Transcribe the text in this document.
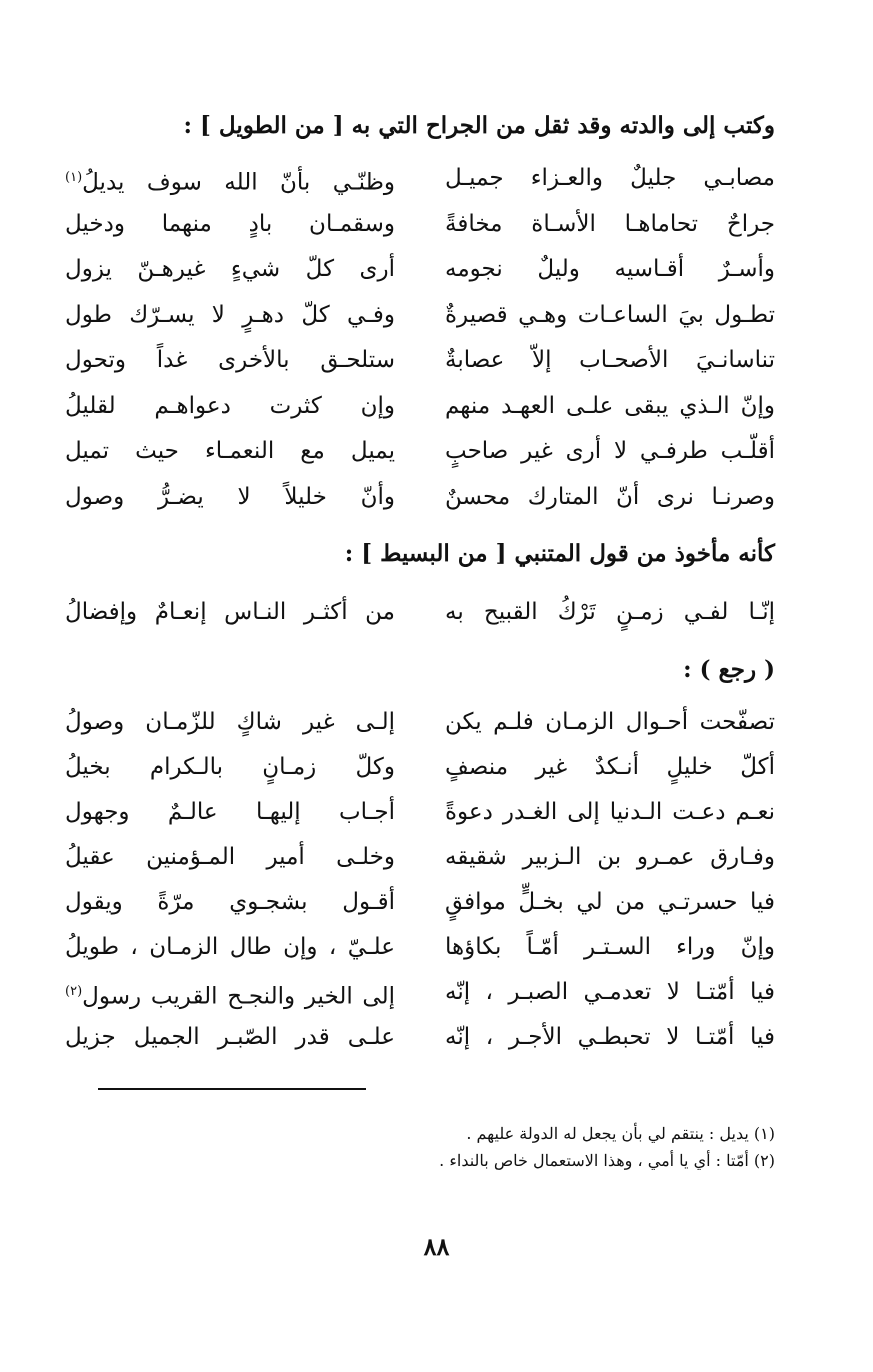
وكتب إلى والدته وقد ثقل من الجراح التي به [ من الطويل ] :
مصابـي جليلٌ والعـزاء جميـل
وظنّـي بأنّ الله سوف يديلُ$^{(١)}$
جراحٌ تحاماهـا الأسـاة مخافةً
وسقمـان بادٍ منهما ودخيل
وأسـرٌ أقـاسيه وليلٌ نجومه
أرى كلّ شيءٍ غيرهـنّ يزول
تطـول بيَ الساعـات وهـي قصيرةٌ
وفـي كلّ دهـرٍ لا يسـرّك طول
تناسانـيَ الأصحـاب إلاّ عصابةٌ
ستلحـق بالأخرى غداً وتحول
وإنّ الـذي يبقى علـى العهـد منهم
وإن كثرت دعواهـم لقليلُ
أقلّـب طرفـي لا أرى غير صاحبٍ
يميل مع النعمـاء حيث تميل
وصرنـا نرى أنّ المتارك محسنٌ
وأنّ خليلاً لا يضـرُّ وصول
كأنه مأخوذ من قول المتنبي [ من البسيط ] :
إنّـا لفـي زمـنٍ تَرْكُ القبيح به
من أكثـر النـاس إنعـامٌ وإفضالُ
( رجع ) :
تصفّحت أحـوال الزمـان فلـم يكن
إلـى غير شاكٍ للزّمـان وصولُ
أكلّ خليلٍ أنـكدٌ غير منصفٍ
وكلّ زمـانٍ بالـكرام بخيلُ
نعـم دعـت الـدنيا إلى الغـدر دعوةً
أجـاب إليهـا عالـمٌ وجهول
وفـارق عمـرو بن الـزبير شقيقه
وخلـى أمير المـؤمنين عقيلُ
فيا حسرتـي من لي بخـلٍّ موافقٍ
أقـول بشجـوي مرّةً ويقول
وإنّ وراء السـتـر أمّـاً بكاؤها
علـيّ ، وإن طال الزمـان ، طويلُ
فيا أمّتـا لا تعدمـي الصبـر ، إنّه
إلى الخير والنجـح القريب رسول$^{(٢)}$
فيا أمّتـا لا تحبطـي الأجـر ، إنّه
علـى قدر الصّبـر الجميل جزيل
(١) يديل : ينتقم لي بأن يجعل له الدولة عليهم .
(٢) أمّتا : أي يا أمي ، وهذا الاستعمال خاص بالنداء .
٨٨
